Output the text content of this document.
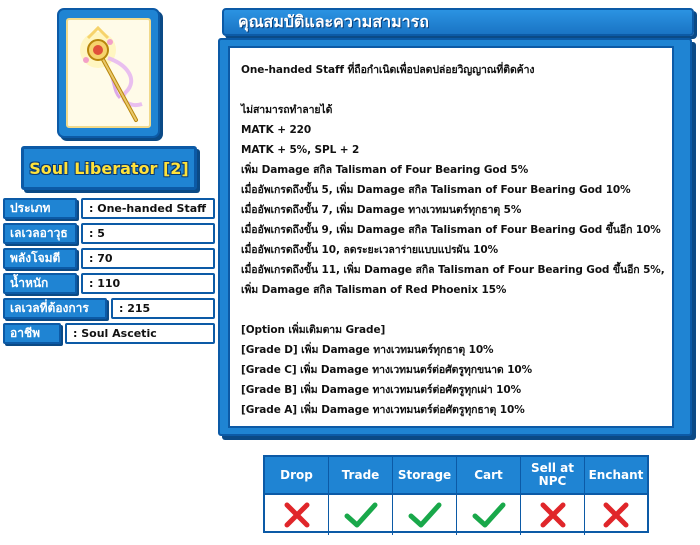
Soul Liberator [2]
ประเภท	: One-handed Staff
เลเวลอาวุธ	: 5
พลังโจมตี	: 70
น้ำหนัก	: 110
เลเวลที่ต้องการ	: 215
อาชีพ	: Soul Ascetic
คุณสมบัติและความสามารถ
One-handed Staff ที่ถือกำเนิดเพื่อปลดปล่อยวิญญาณที่ติดค้าง
ไม่สามารถทำลายได้
MATK + 220
MATK + 5%, SPL + 2
เพิ่ม Damage สกิล Talisman of Four Bearing God 5%
เมื่ออัพเกรดถึงขั้น 5, เพิ่ม Damage สกิล Talisman of Four Bearing God 10%
เมื่ออัพเกรดถึงขั้น 7, เพิ่ม Damage ทางเวทมนตร์ทุกธาตุ 5%
เมื่ออัพเกรดถึงขั้น 9, เพิ่ม Damage สกิล Talisman of Four Bearing God ขึ้นอีก 10%
เมื่ออัพเกรดถึงขั้น 10, ลดระยะเวลาร่ายแบบแปรผัน 10%
เมื่ออัพเกรดถึงขั้น 11, เพิ่ม Damage สกิล Talisman of Four Bearing God ขึ้นอีก 5%,
เพิ่ม Damage สกิล Talisman of Red Phoenix 15%
[Option เพิ่มเติมตาม Grade]
[Grade D] เพิ่ม Damage ทางเวทมนตร์ทุกธาตุ 10%
[Grade C] เพิ่ม Damage ทางเวทมนตร์ต่อศัตรูทุกขนาด 10%
[Grade B] เพิ่ม Damage ทางเวทมนตร์ต่อศัตรูทุกเผ่า 10%
[Grade A] เพิ่ม Damage ทางเวทมนตร์ต่อศัตรูทุกธาตุ 10%
Drop	Trade	Storage	Cart	Sell at NPC	Enchant
